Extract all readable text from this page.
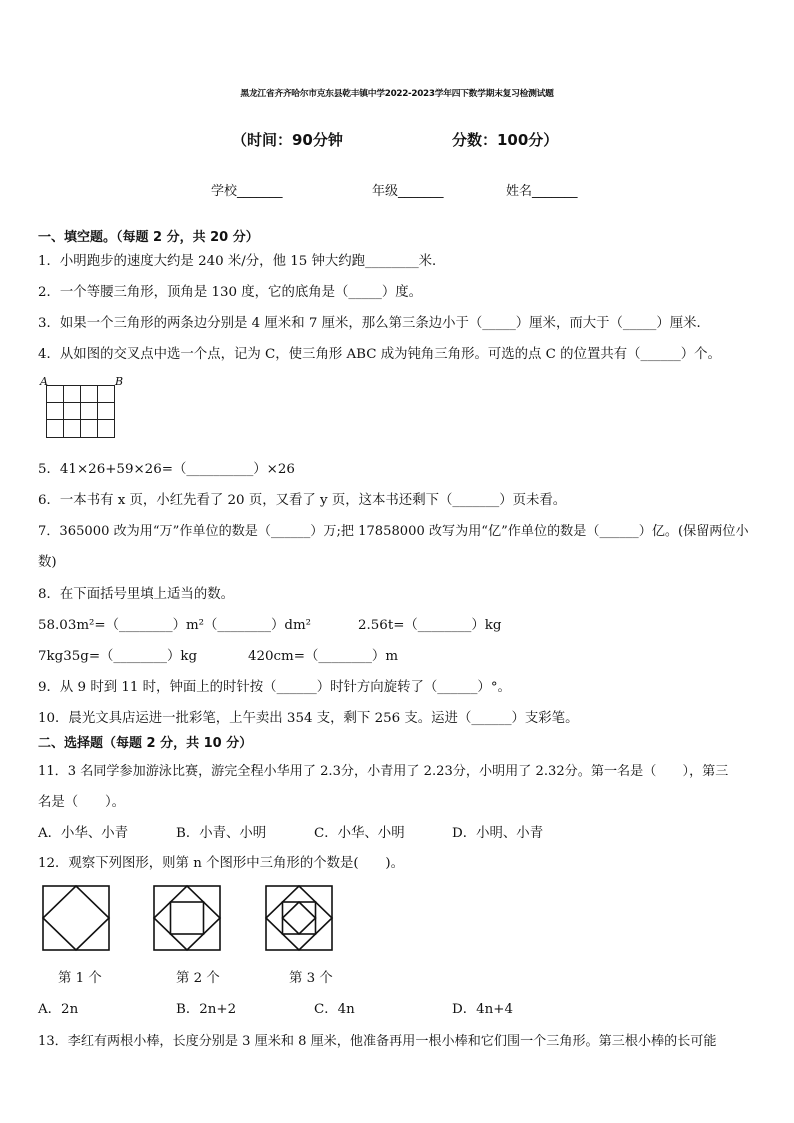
黑龙江省齐齐哈尔市克东县乾丰镇中学2022-2023学年四下数学期末复习检测试题
（时间：90分钟	分数：100分）
学校_______	年级_______	姓名_______
一、填空题。（每题 2 分，共 20 分）
1．小明跑步的速度大约是 240 米/分，他 15 钟大约跑________米．
2．一个等腰三角形，顶角是 130 度，它的底角是（_____）度。
3．如果一个三角形的两条边分别是 4 厘米和 7 厘米，那么第三条边小于（_____）厘米，而大于（_____）厘米．
4．从如图的交叉点中选一个点，记为 C，使三角形 ABC 成为钝角三角形。可选的点 C 的位置共有（______）个。
A	B
5．41×26+59×26=（__________）×26
6．一本书有 x 页，小红先看了 20 页，又看了 y 页，这本书还剩下（_______）页未看。
7．365000 改为用“万”作单位的数是（______）万;把 17858000 改写为用“亿”作单位的数是（______）亿。(保留两位小
数)
8．在下面括号里填上适当的数。
58.03m²=（________）m²（________）dm²	2.56t=（________）kg
7kg35g=（________）kg	420cm=（________）m
9．从 9 时到 11 时，钟面上的时针按（______）时针方向旋转了（______）°。
10．晨光文具店运进一批彩笔，上午卖出 354 支，剩下 256 支。运进（______）支彩笔。
二、选择题（每题 2 分，共 10 分）
11．3 名同学参加游泳比赛，游完全程小华用了 2.3分，小青用了 2.23分，小明用了 2.32分。第一名是（　　），第三
名是（　　）。
A．小华、小青	B．小青、小明	C．小华、小明	D．小明、小青
12．观察下列图形，则第 n 个图形中三角形的个数是(　　)。
第 1 个	第 2 个	第 3 个
A．2n	B．2n+2	C．4n	D．4n+4
13．李红有两根小棒，长度分别是 3 厘米和 8 厘米，他准备再用一根小棒和它们围一个三角形。第三根小棒的长可能
